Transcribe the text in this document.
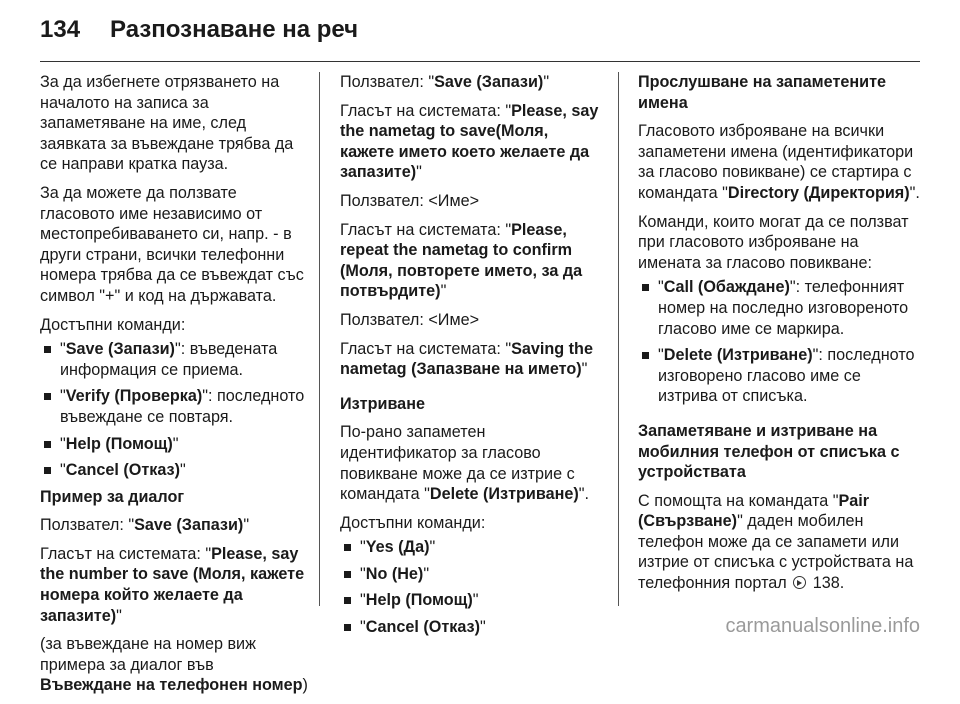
134 Разпознаване на реч

За да избегнете отрязването на началото на записа за запаметяване на име, след заявката за въвеждане трябва да се направи кратка пауза.

За да можете да ползвате гласовото име независимо от местопребиваването си, напр. - в други страни, всички телефонни номера трябва да се въвеждат със символ "+" и код на държавата.

Достъпни команди:

"Save (Запази)": въведената информация се приема.
"Verify (Проверка)": последното въвеждане се повтаря.
"Help (Помощ)"
"Cancel (Отказ)"

Пример за диалог

Ползвател: "Save (Запази)"

Гласът на системата: "Please, say the number to save (Моля, кажете номера който желаете да запазите)"

(за въвеждане на номер виж примера за диалог във Въвеждане на телефонен номер)

Ползвател: "Save (Запази)"

Гласът на системата: "Please, say the nametag to save(Моля, кажете името което желаете да запазите)"

Ползвател: <Име>

Гласът на системата: "Please, repeat the nametag to confirm (Моля, повторете името, за да потвърдите)"

Ползвател: <Име>

Гласът на системата: "Saving the nametag (Запазване на името)"

Изтриване

По-рано запаметен идентификатор за гласово повикване може да се изтрие с командата "Delete (Изтриване)".

Достъпни команди:

"Yes (Да)"
"No (Не)"
"Help (Помощ)"
"Cancel (Отказ)"

Прослушване на запаметените имена

Гласовото изброяване на всички запаметени имена (идентификатори за гласово повикване) се стартира с командата "Directory (Директория)".

Команди, които могат да се ползват при гласовото изброяване на имената за гласово повикване:

"Call (Обаждане)": телефонният номер на последно изговореното гласово име се маркира.
"Delete (Изтриване)": последното изговорено гласово име се изтрива от списъка.

Запаметяване и изтриване на мобилния телефон от списъка с устройствата

С помощта на командата "Pair (Свързване)" даден мобилен телефон може да се запамети или изтрие от списъка с устройствата на телефонния портал  138.

carmanualsonline.info
